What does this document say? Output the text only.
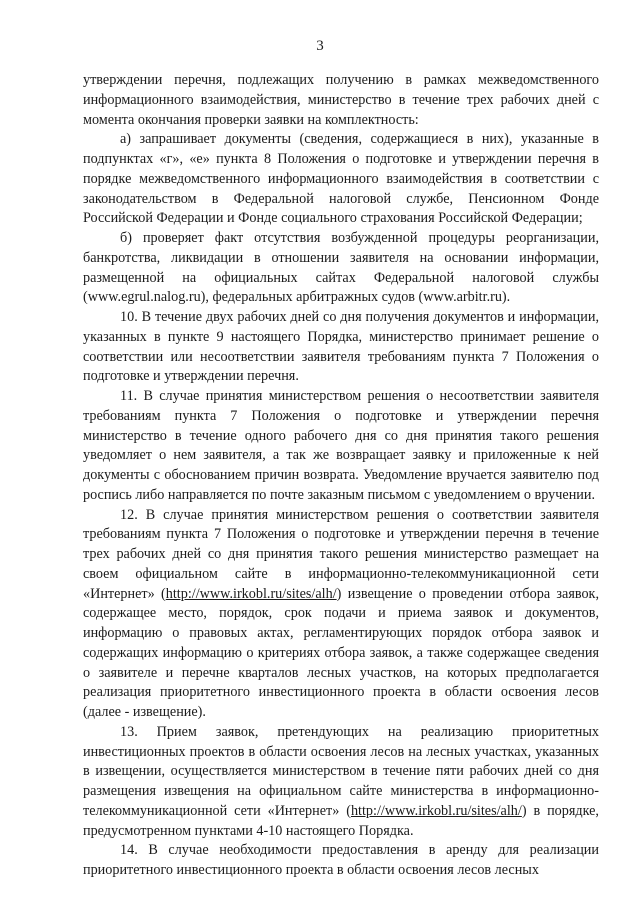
3

утверждении перечня, подлежащих получению в рамках межведомственного информационного взаимодействия, министерство в течение трех рабочих дней с момента окончания проверки заявки на комплектность:

а) запрашивает документы (сведения, содержащиеся в них), указанные в подпунктах «г», «е» пункта 8 Положения о подготовке и утверждении перечня в порядке межведомственного информационного взаимодействия в соответствии с законодательством в Федеральной налоговой службе, Пенсионном Фонде Российской Федерации и Фонде социального страхования Российской Федерации;

б) проверяет факт отсутствия возбужденной процедуры реорганизации, банкротства, ликвидации в отношении заявителя на основании информации, размещенной на официальных сайтах Федеральной налоговой службы (www.egrul.nalog.ru), федеральных арбитражных судов (www.arbitr.ru).

10. В течение двух рабочих дней со дня получения документов и информации, указанных в пункте 9 настоящего Порядка, министерство принимает решение о соответствии или несоответствии заявителя требованиям пункта 7 Положения о подготовке и утверждении перечня.

11. В случае принятия министерством решения о несоответствии заявителя требованиям пункта 7 Положения о подготовке и утверждении перечня министерство в течение одного рабочего дня со дня принятия такого решения уведомляет о нем заявителя, а так же возвращает заявку и приложенные к ней документы с обоснованием причин возврата. Уведомление вручается заявителю под роспись либо направляется по почте заказным письмом с уведомлением о вручении.

12. В случае принятия министерством решения о соответствии заявителя требованиям пункта 7 Положения о подготовке и утверждении перечня в течение трех рабочих дней со дня принятия такого решения министерство размещает на своем официальном сайте в информационно-телекоммуникационной сети «Интернет» (http://www.irkobl.ru/sites/alh/) извещение о проведении отбора заявок, содержащее место, порядок, срок подачи и приема заявок и документов, информацию о правовых актах, регламентирующих порядок отбора заявок и содержащих информацию о критериях отбора заявок, а также содержащее сведения о заявителе и перечне кварталов лесных участков, на которых предполагается реализация приоритетного инвестиционного проекта в области освоения лесов (далее - извещение).

13. Прием заявок, претендующих на реализацию приоритетных инвестиционных проектов в области освоения лесов на лесных участках, указанных в извещении, осуществляется министерством в течение пяти рабочих дней со дня размещения извещения на официальном сайте министерства в информационно-телекоммуникационной сети «Интернет» (http://www.irkobl.ru/sites/alh/) в порядке, предусмотренном пунктами 4-10 настоящего Порядка.

14. В случае необходимости предоставления в аренду для реализации приоритетного инвестиционного проекта в области освоения лесов лесных
